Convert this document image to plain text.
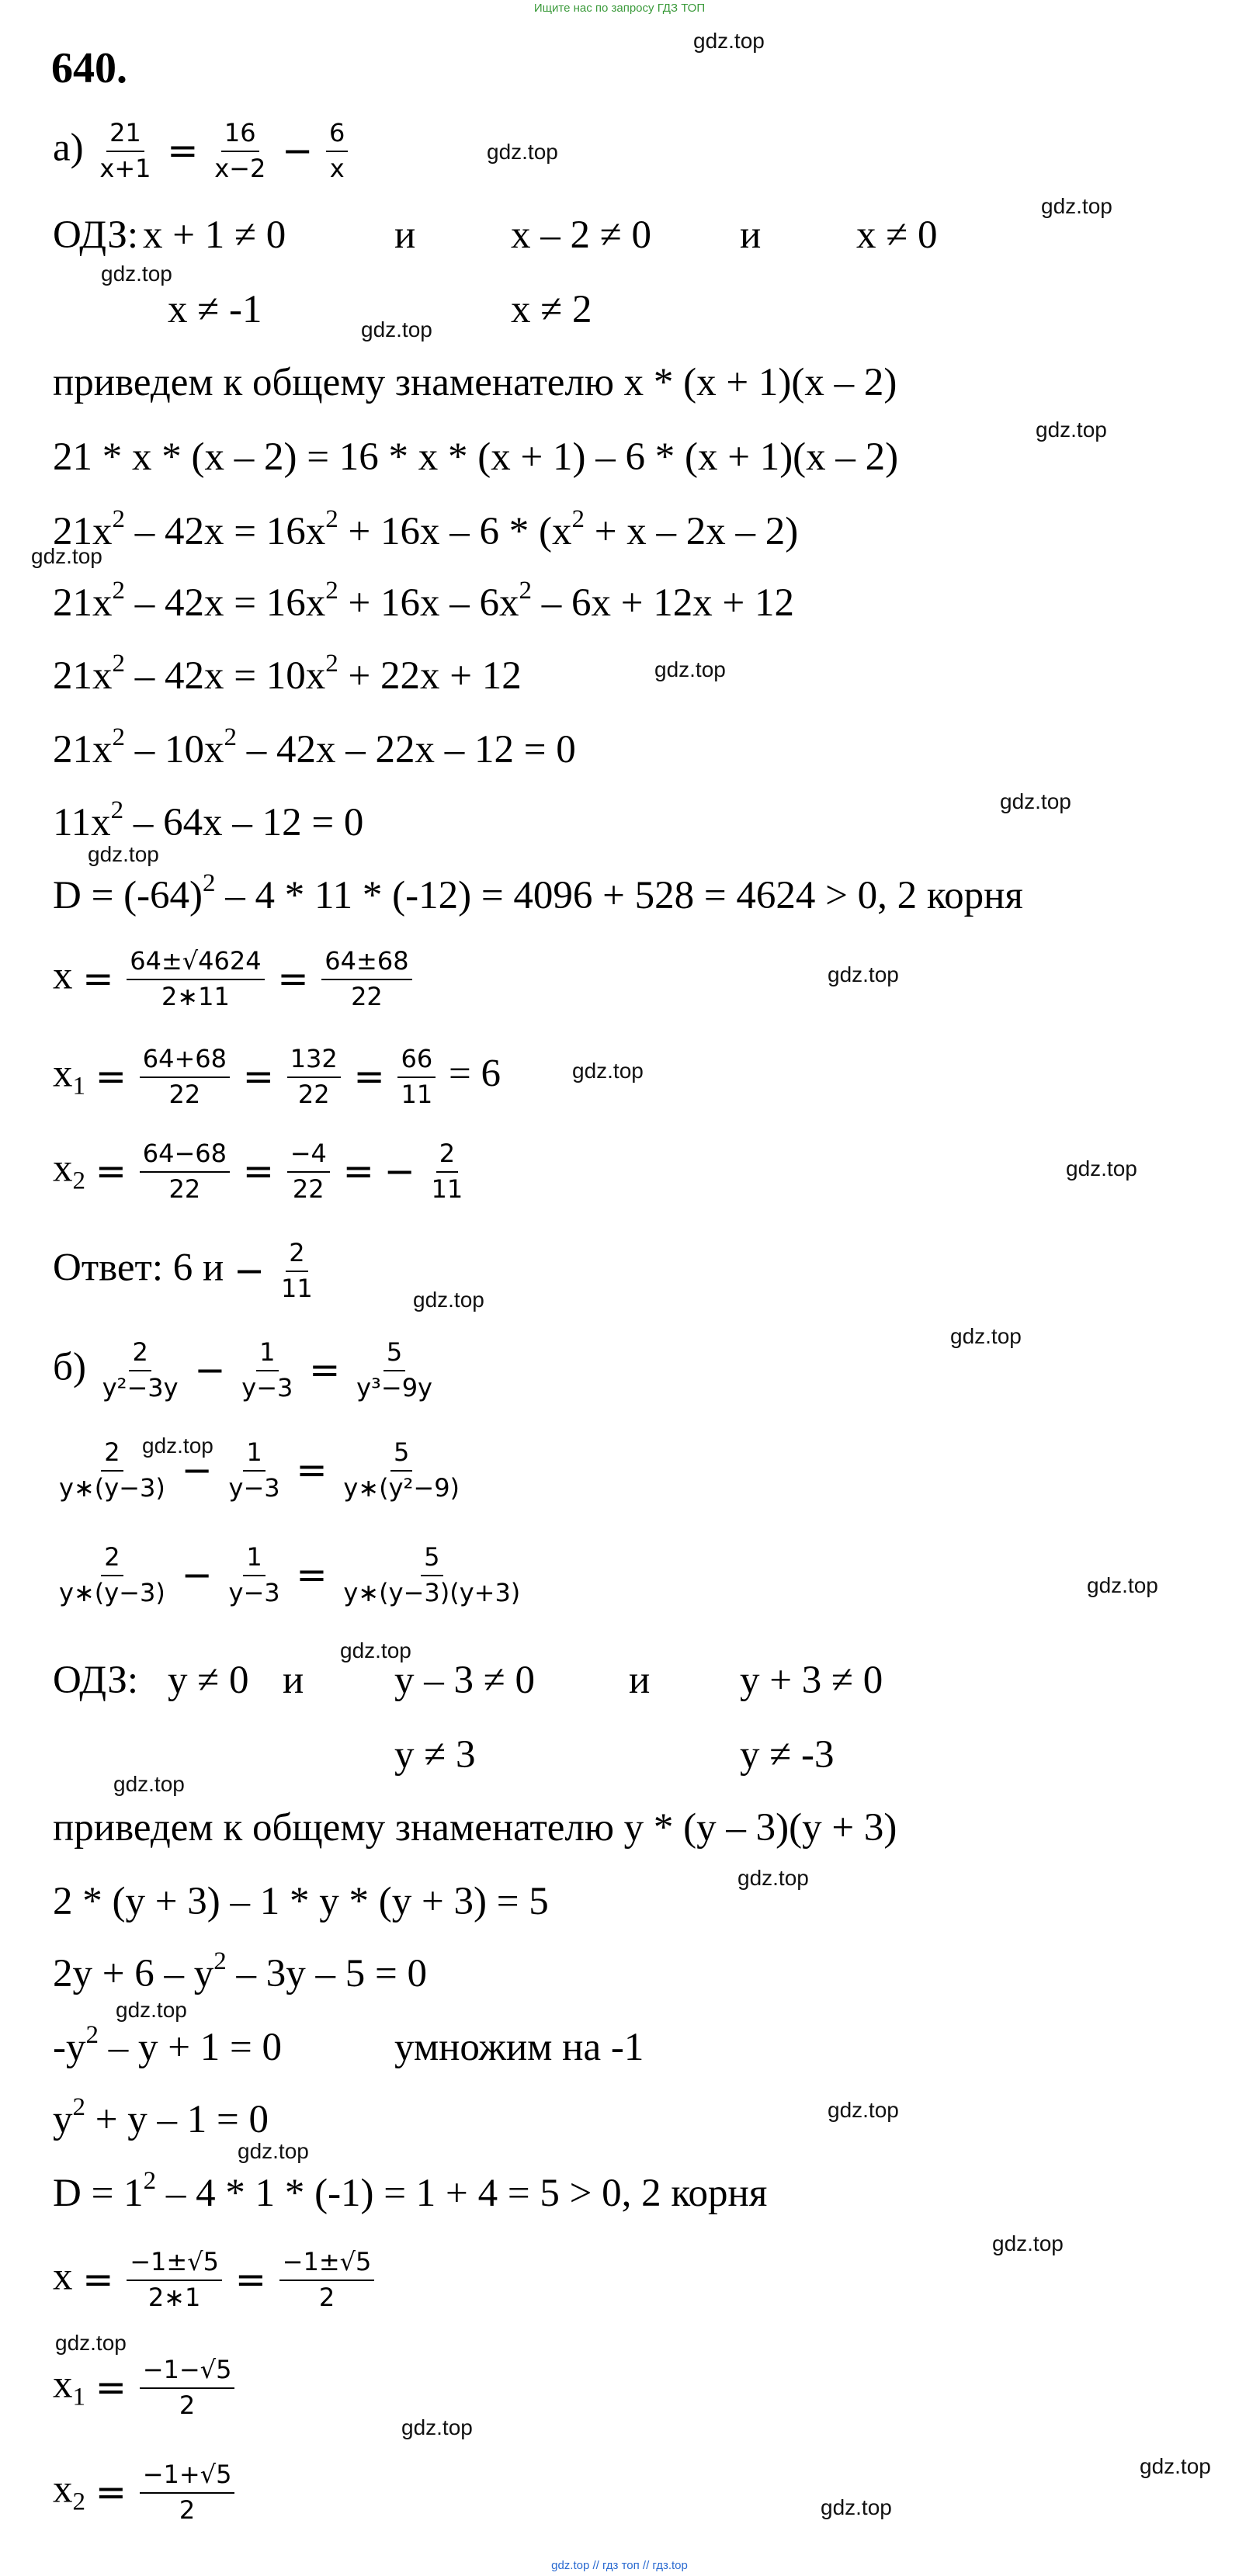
Ищите нас по запросу ГДЗ ТОП
640.
gdz.top
gdz.top
gdz.top
gdz.top
gdz.top
gdz.top
gdz.top
gdz.top
gdz.top
gdz.top
gdz.top
gdz.top
gdz.top
gdz.top
gdz.top
gdz.top
gdz.top
gdz.top
gdz.top
gdz.top
gdz.top
gdz.top
gdz.top
gdz.top
gdz.top
gdz.top
gdz.top
gdz.top
$а) \frac{21}{x+1} = \frac{16}{x-2} - \frac{6}{x}$
ОДЗ: x + 1 ≠ 0	и x – 2 ≠ 0 и x ≠ 0
x ≠ -1	x ≠ 2
приведем к общему знаменателю x * (x + 1)(x – 2)
21 * x * (x – 2) = 16 * x * (x + 1) – 6 * (x + 1)(x – 2)
$21x^2 - 42x = 16x^2 + 16x - 6 * (x^2 + x - 2x - 2)$
$21x^2 - 42x = 16x^2 + 16x - 6x^2 - 6x + 12x + 12$
$21x^2 - 42x = 10x^2 + 22x + 12$
$21x^2 - 10x^2 - 42x - 22x - 12 = 0$
$11x^2 - 64x - 12 = 0$
$D = (-64)^2 - 4 * 11 * (-12) = 4096 + 528 = 4624 > 0$, 2 корня
$x = \frac{64\pm√4624}{2∗11} = \frac{64\pm 68}{22}$
$x_1 = \frac{64+68}{22} = \frac{132}{22} = \frac{66}{11} = 6$
$x_2 = \frac{64-68}{22} = \frac{-4}{22}$ = − $\frac{2}{11}$
Ответ: 6 $и - \frac{2}{11}$
$б) \frac{2}{\text{y²−3y}} - \frac{1}{y-3} = \frac{5}{\text{y³−9y}}$
$\frac{2}{y∗(y-3)} - \frac{1}{y-3} = \frac{5}{\text{y∗(y²−9)}}$
$\frac{2}{y∗(y-3)} - \frac{1}{y-3} = \frac{5}{y∗(y-3)(y+3)}$
ОДЗ: y ≠ 0 и y – 3 ≠ 0 и y + 3 ≠ 0
y ≠ 3	y ≠ -3
приведем к общему знаменателю y * (y – 3)(y + 3)
2 * (y + 3) – 1 * y * (y + 3) = 5
$2y + 6 - y^2 - 3y - 5 = 0$
$-y^2 - y + 1 = 0$	умножим на -1
$y^2 + y - 1 = 0$
$D = 1^2 - 4 * 1 * (-1) = 1 + 4 = 5 > 0$, 2 корня
$x = \frac{-1\pm√5}{2∗1} = \frac{-1\pm√5}{2}$
$x_1 = \frac{-1-√5}{2}$
$x_2 = \frac{-1+√5}{2}$
gdz.top // гдз топ // гдз.top
